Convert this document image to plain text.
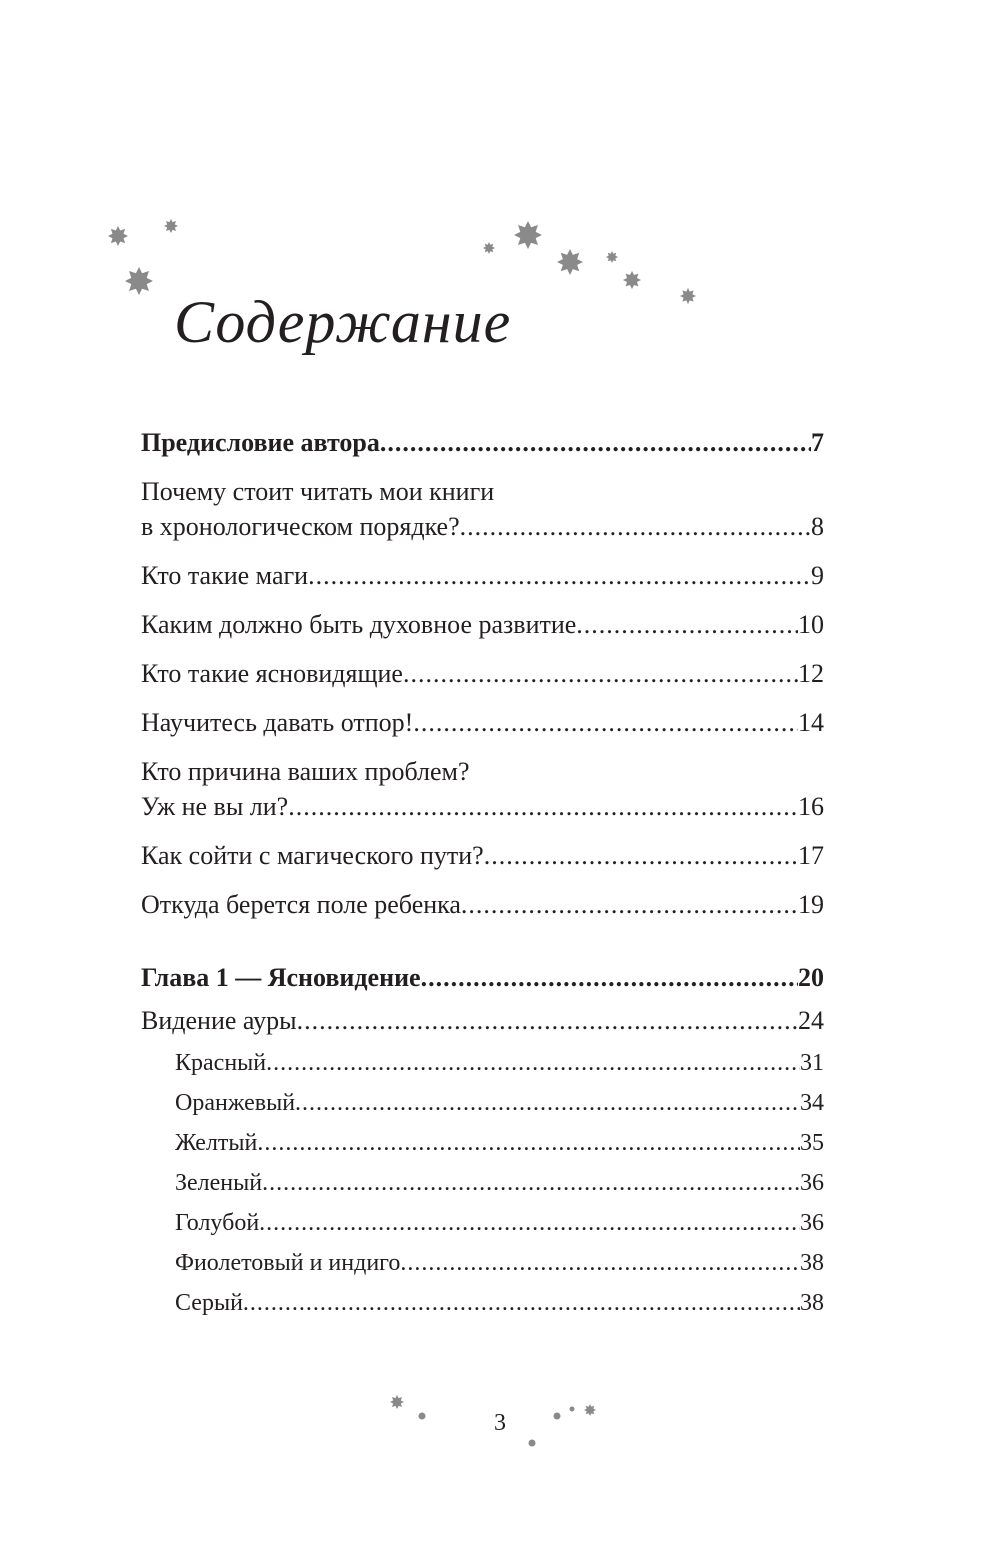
Содержание
Предисловие автора .....	7
Почему стоит читать мои книги
в хронологическом порядке? .....	8
Кто такие маги .....	9
Каким должно быть духовное развитие .....	10
Кто такие ясновидящие .....	12
Научитесь давать отпор! .....	14
Кто причина ваших проблем?
Уж не вы ли? .....	16
Как сойти с магического пути? .....	17
Откуда берется поле ребенка .....	19
Глава 1 — Ясновидение .....	20
Видение ауры .....	24
Красный .....	31
Оранжевый .....	34
Желтый .....	35
Зеленый .....	36
Голубой .....	36
Фиолетовый и индиго .....	38
Серый .....	38
3
